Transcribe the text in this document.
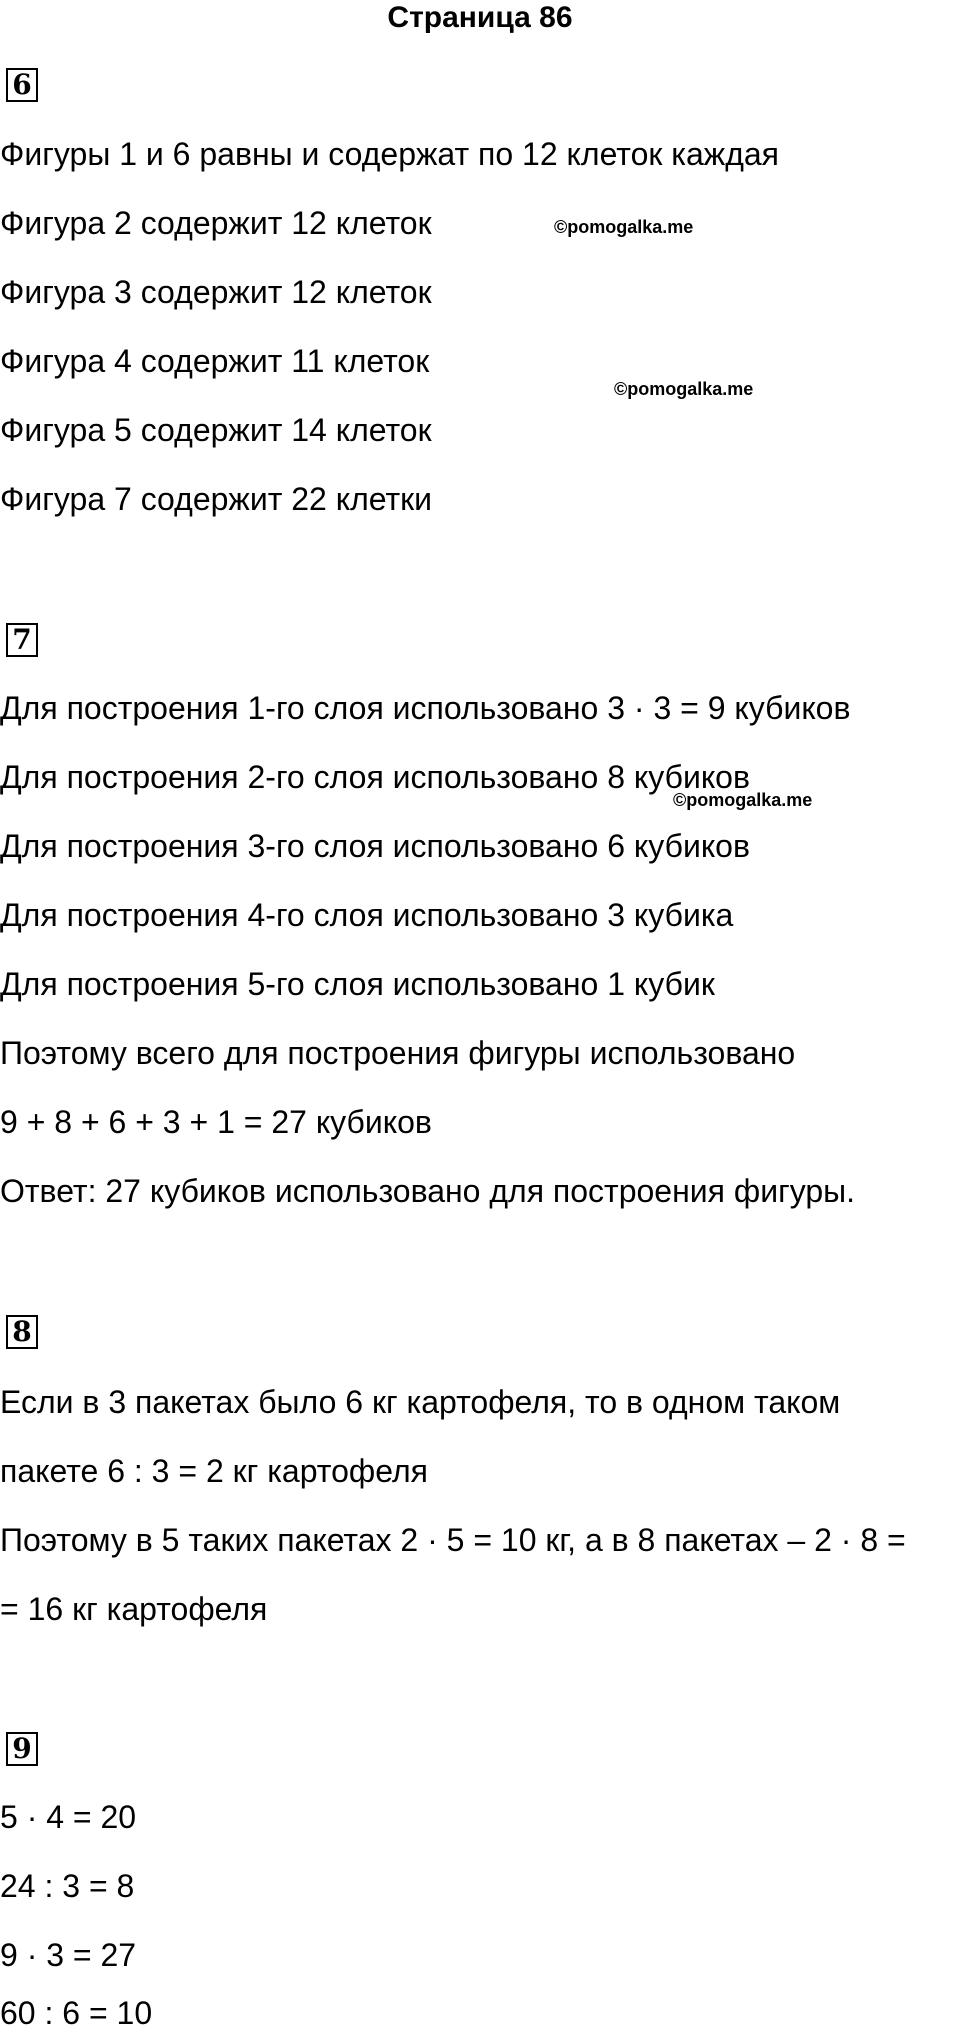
Страница 86
6
Фигуры 1 и 6 равны и содержат по 12 клеток каждая
Фигура 2 содержит 12 клеток
Фигура 3 содержит 12 клеток
Фигура 4 содержит 11 клеток
Фигура 5 содержит 14 клеток
Фигура 7 содержит 22 клетки
7
Для построения 1-го слоя использовано 3 · 3 = 9 кубиков
Для построения 2-го слоя использовано 8 кубиков
Для построения 3-го слоя использовано 6 кубиков
Для построения 4-го слоя использовано 3 кубика
Для построения 5-го слоя использовано 1 кубик
Поэтому всего для построения фигуры использовано
9 + 8 + 6 + 3 + 1 = 27 кубиков
Ответ: 27 кубиков использовано для построения фигуры.
8
Если в 3 пакетах было 6 кг картофеля, то в одном таком
пакете 6 : 3 = 2 кг картофеля
Поэтому в 5 таких пакетах 2 · 5 = 10 кг, а в 8 пакетах – 2 · 8 =
= 16 кг картофеля
9
5 · 4 = 20
24 : 3 = 8
9 · 3 = 27
60 : 6 = 10
©pomogalka.me
©pomogalka.me
©pomogalka.me
